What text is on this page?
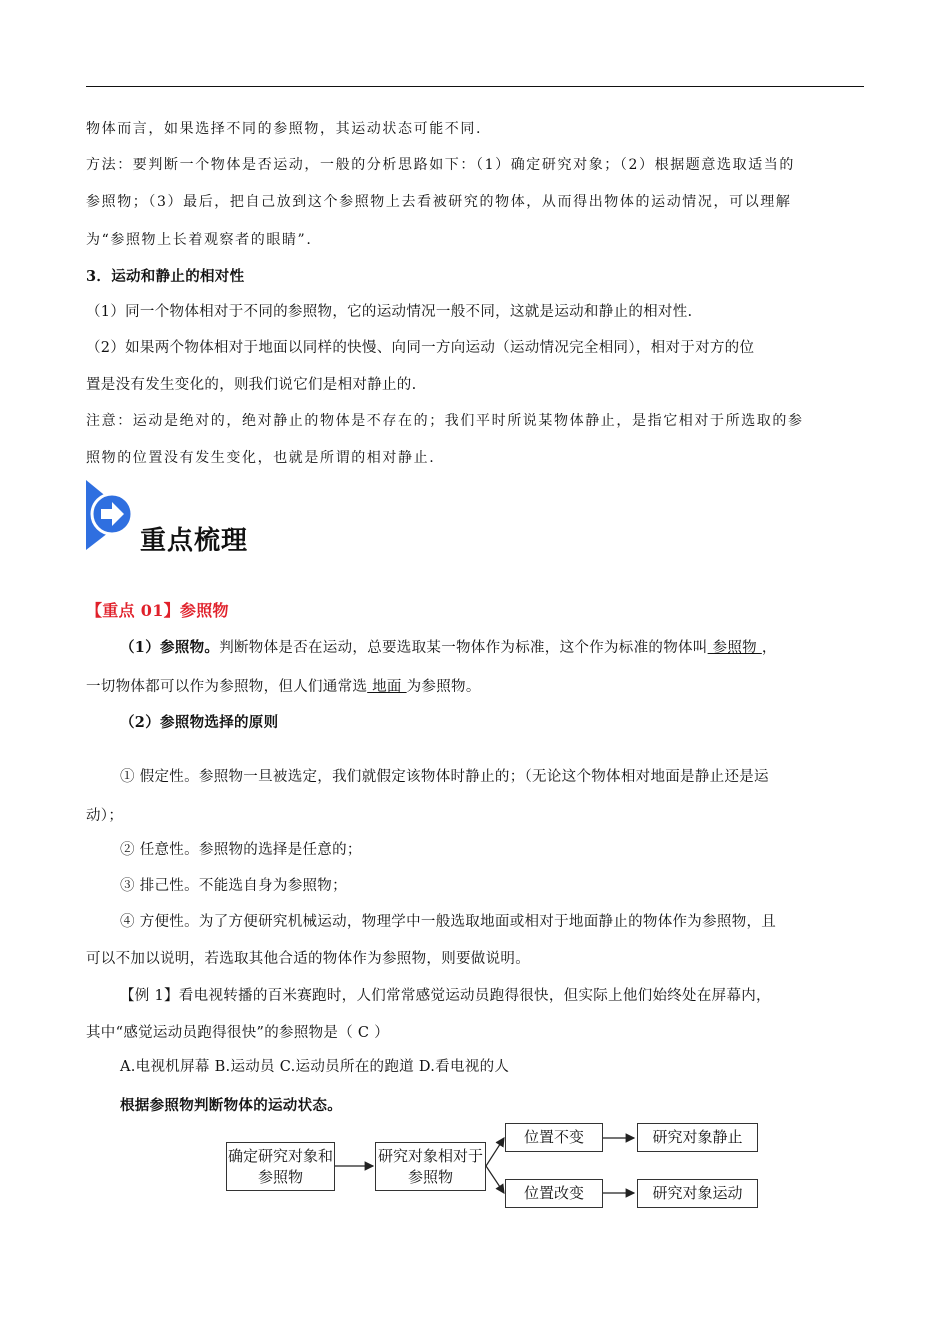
物体而言，如果选择不同的参照物，其运动状态可能不同.
方法：要判断一个物体是否运动，一般的分析思路如下：（1）确定研究对象；（2）根据题意选取适当的
参照物；（3）最后，把自己放到这个参照物上去看被研究的物体，从而得出物体的运动情况，可以理解
为“参照物上长着观察者的眼睛”.
3．运动和静止的相对性
（1）同一个物体相对于不同的参照物，它的运动情况一般不同，这就是运动和静止的相对性.
（2）如果两个物体相对于地面以同样的快慢、向同一方向运动（运动情况完全相同），相对于对方的位
置是没有发生变化的，则我们说它们是相对静止的.
注意：运动是绝对的，绝对静止的物体是不存在的；我们平时所说某物体静止，是指它相对于所选取的参
照物的位置没有发生变化，也就是所谓的相对静止.
重点梳理
【重点 01】参照物
（1）参照物。判断物体是否在运动，总要选取某一物体作为标准，这个作为标准的物体叫 参照物 ，
一切物体都可以作为参照物，但人们通常选 地面 为参照物。
（2）参照物选择的原则
① 假定性。参照物一旦被选定，我们就假定该物体时静止的；（无论这个物体相对地面是静止还是运
动）；
② 任意性。参照物的选择是任意的；
③ 排己性。不能选自身为参照物；
④ 方便性。为了方便研究机械运动，物理学中一般选取地面或相对于地面静止的物体作为参照物，且
可以不加以说明，若选取其他合适的物体作为参照物，则要做说明。
【例 1】看电视转播的百米赛跑时，人们常常感觉运动员跑得很快，但实际上他们始终处在屏幕内，
其中“感觉运动员跑得很快”的参照物是（ C ）
A.电视机屏幕 B.运动员 C.运动员所在的跑道 D.看电视的人
根据参照物判断物体的运动状态。
确定研究对象和参照物
研究对象相对于参照物
位置不变
位置改变
研究对象静止
研究对象运动
